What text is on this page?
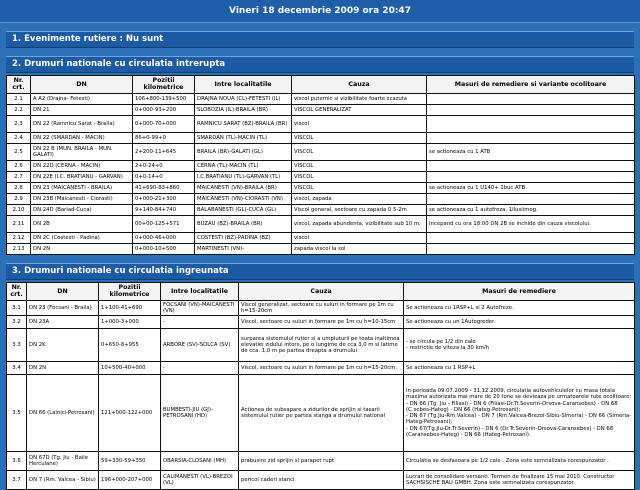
Vineri 18 decembrie 2009 ora 20:47
1. Evenimente rutiere : Nu sunt
2. Drumuri nationale cu circulatia intrerupta
Nr. crt.	DN	Pozitii kilometrice	Intre localitatile	Cauza	Masuri de remediere si variante ocolitoare
2.1	A A2 (Drajna- Fetesti)	106+800-139+500	DRAJNA NOUA (CL)-FETESTI (IL)	viscol puternic si vizibilitate foarte scazuta	
2.2	DN 21	0+000-93+200	SLOBOZIA (IL)-BRAILA (BR)	VISCOL GENERALIZAT	
2.3	DN 22 (Ramnicu Sarat - Braila)	0+000-70+000	RAMNICU SARAT (BZ)-BRAILA (BR)	viscol	
2.4	DN 22 (SMARDAN - MACIN)	86+0-99+0	SMARDAN (TL)-MACIN (TL)	VISCOL	
2.5	DN 22 B (MUN. BRAILA - MUN. GALATI)	2+200-11+645	BRAILA (BR)-GALATI (GL)	VISCOL	se actioneaza cu 1 ATB
2.6	DN 22D (CERNA - MACIN)	2+0-24+0	CERNA (TL)-MACIN (TL)	VISCOL	
2.7	DN 22E (I.C. BRATIANU - GARVAN)	0+0-14+0	I.C.BRATIANU (TL)-GARVAN (TL)	VISCOL	
2.8	DN 23 (MAICANESTI - BRAILA)	41+690-83+860	MAICANESTI (VN)-BRAILA (BR)	VISCOL	se actioneaza cu 1 U140+ 1buc ATB
2.9	DN 23B (Maicanesti - Ciorasti)	0+000-21+300	MAICANESTI (VN)-CIORASTI (VN)	viscol, zapada	
2.10	DN 24D (Barlad-Cuca)	9+140-84+740	BALABANESTI (GL)-CUCA (GL)	Viscol general, sectoare cu zapada 0.5-2m	se actioneaza cu 1 autofreza, 1Ilusiimog.
2.11	DN 2B	00+00-125+571	BUZAU (BZ)-BRAILA (BR)	viscol, zapada abundenta, vizibilitate sub 10 m.	Incepand cu ora 18:00 DN 2B se inchide din cauza viscolului.
2.12	DN 2C (Costesti - Padina)	0+000-46+000	COSTESTI (BZ)-PADINA (BZ)	viscol	
2.13	DN 2N	0+000-10+500	MARTINESTI (VN)-	zapada viscol la sol	
3. Drumuri nationale cu circulatia ingreunata
Nr. crt.	DN	Pozitii kilometrice	Intre localitatile	Cauza	Masuri de remediere
3.1	DN 23 (Focsani - Braila)	1+100-41+690	FOCSANI (VN)-MAICANESTI (VN)	Viscol generalizat, sectoare cu suluri in formare pe 1m cu h=15-20cm	Se actioneaza cu 1RSP+L si 2 Autofreze.
3.2	DN 23A	1+000-3+000	-	Viscol, sectoare cu suluri in formare pe 1m cu h=10-15cm	Se actioneaza cu un 1Autogreder.
3.3	DN 2K	0+650-8+955	ARBORE (SV)-SOLCA (SV)	surparea sistemului rutier si a umpluturii pe toata inaltimea elevatiei zidului intors, pe o lungime de cca 3,0 m si latime de cca. 1,0 m pe partea dreapta a drumului	- se circula pe 1/2 din cale
- restrictie de viteza la 30 km/h
3.4	DN 2N	10+500-40+000	-	Viscol, sectoare cu suluri in formare pe 1m cu h=15-20cm.	Se actioneaza cu 1 RSP+L
3.5	DN 66 (Lainici-Petrosani)	121+000-122+000	BUMBESTI-JIU (GJ)-PETROSANI (HD)	Actionea de subsapare a zidurilor de sprijin si tasarii sistemului rutier pe partea stanga a drumului national	In perioada 09.07.2009 - 31.12.2009, circulatia autovehiculelor cu masa totala maxima autorizata mai mare de 20 tone se devieaza pe urmatoarele rute ocolitoare:
- DN 66 (Tg. Jiu - Filiasi) - DN 6 (Filiasi-Dr.Tr.Severin-Orsova-Caransebes) - DN 68 (C.sebes-Hateg) - DN 66 (Hateg-Petrosani);
- DN 67 (Tg.Jiu-Rm.Valcea) - DN 7 (Rm.Valcea-Brezoi-Sibiu-Simeria) - DN 66 (Simeria-Hateg-Petrosani);
- DN 67(Tg.Jiu-Dr.Tr.Severin) - DN 6 (Dr.Tr.Severin-Orsova-Caransebes) - DN 68 (Caransebes-Hateg) - DN 66 (Hateg-Petrosani).
3.6	DN 67D (Tg. Jiu - Baile Herculane)	59+330-59+350	OBARSIA-CLOSANI (MH)	prabusire zid sprijin si parapet rupt	Circulatia se desfasoara pe 1/2 cale . Zona este semnalizata corespunzator .
3.7	DN 7 (Rm. Valcea - Sibiu)	196+000-207+000	CALIMANESTI (VL)-BREZOI (VL)	pericol caderi stanci	Lucrari de consolidare versanti. Termen de finalizare 15 mai 2010. Constructor SACHSISCHE BAU GMBH. Zona este semnalizata corespunzator.
